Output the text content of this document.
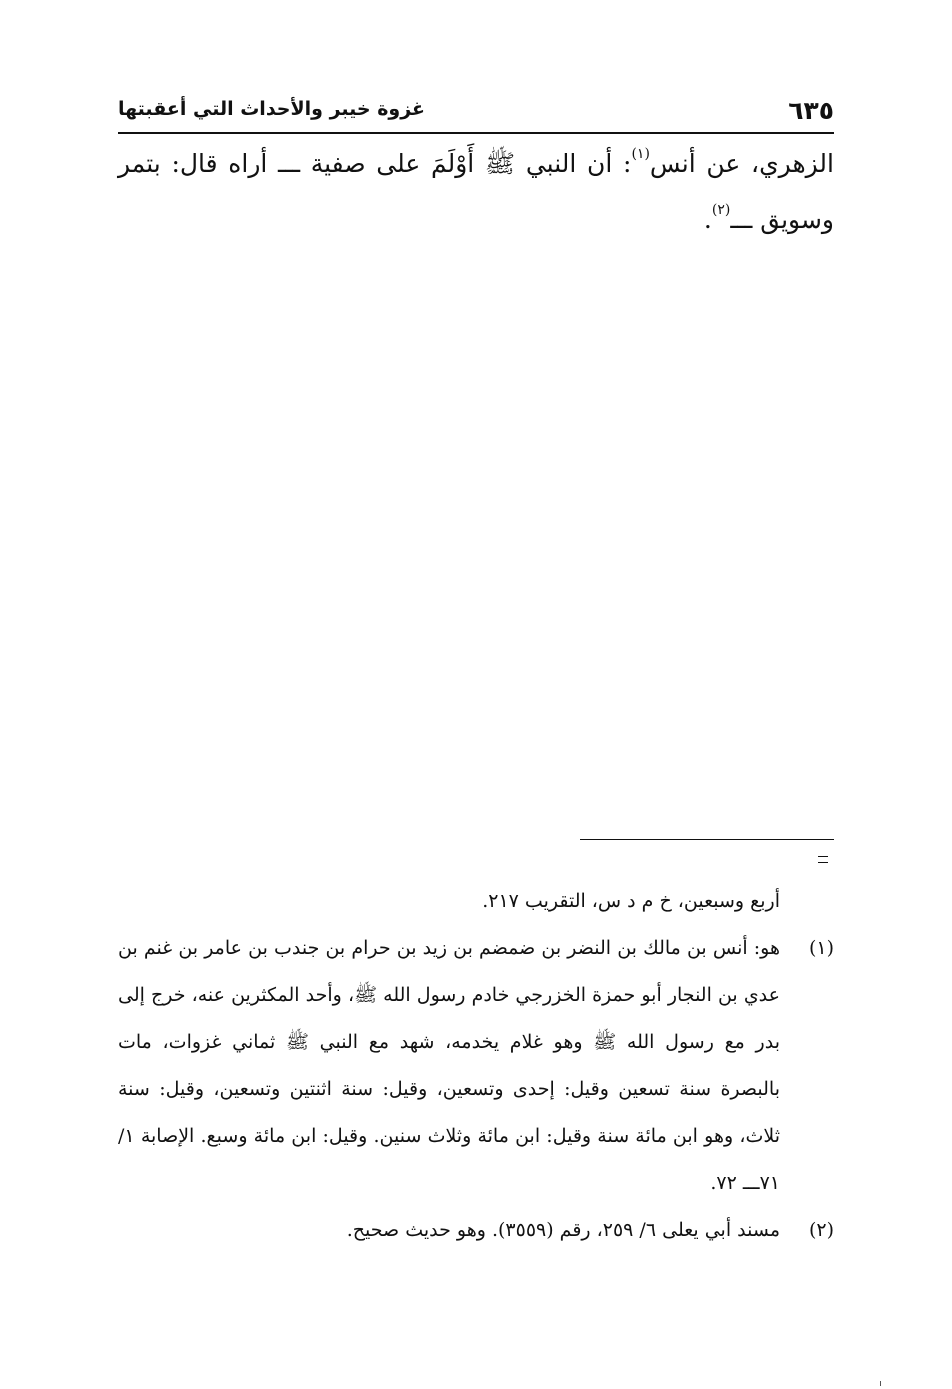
٦٣٥
غزوة خيبر والأحداث التي أعقبتها

الزهري، عن أنس$^{(١)}$: أن النبي ﷺ أَوْلَمَ على صفية ـــ أراه قال: بتمر وسويق ـــ$^{(٢)}$.

أربع وسبعين، خ م د س، التقريب ٢١٧.
(١)
هو: أنس بن مالك بن النضر بن ضمضم بن زيد بن حرام بن جندب بن عامر بن غنم بن عدي بن النجار أبو حمزة الخزرجي خادم رسول الله ﷺ، وأحد المكثرين عنه، خرج إلى بدر مع رسول الله ﷺ وهو غلام يخدمه، شهد مع النبي ﷺ ثماني غزوات، مات بالبصرة سنة تسعين وقيل: إحدى وتسعين، وقيل: سنة اثنتين وتسعين، وقيل: سنة ثلاث، وهو ابن مائة سنة وقيل: ابن مائة وثلاث سنين. وقيل: ابن مائة وسبع. الإصابة ١/ ٧١ـــ ٧٢.
(٢)
مسند أبي يعلى ٦/ ٢٥٩، رقم (٣٥٥٩). وهو حديث صحيح.
